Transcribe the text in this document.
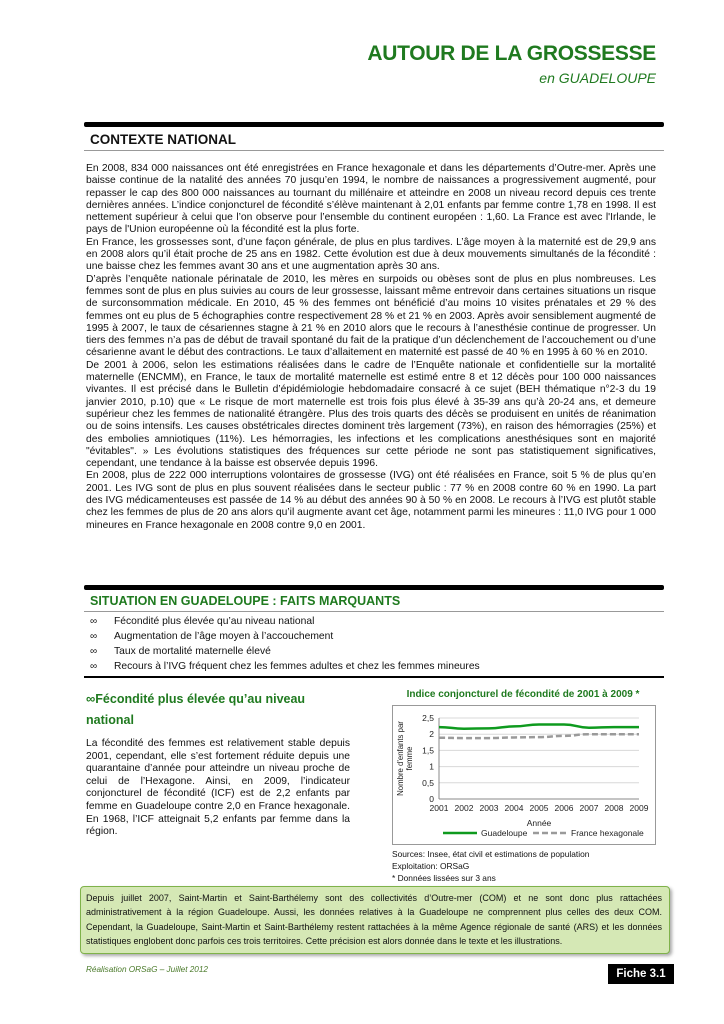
AUTOUR DE LA GROSSESSE
en GUADELOUPE
CONTEXTE NATIONAL

En 2008, 834 000 naissances ont été enregistrées en France hexagonale et dans les départements d’Outre-mer. Après une baisse continue de la natalité des années 70 jusqu’en 1994, le nombre de naissances a progressivement augmenté, pour repasser le cap des 800 000 naissances au tournant du millénaire et atteindre en 2008 un niveau record depuis ces trente dernières années. L’indice conjoncturel de fécondité s’élève maintenant à 2,01 enfants par femme contre 1,78 en 1998. Il est nettement supérieur à celui que l’on observe pour l’ensemble du continent européen : 1,60. La France est avec l'Irlande, le pays de l'Union européenne où la fécondité est la plus forte.

En France, les grossesses sont, d’une façon générale, de plus en plus tardives. L’âge moyen à la maternité est de 29,9 ans en 2008 alors qu’il était proche de 25 ans en 1982. Cette évolution est due à deux mouvements simultanés de la fécondité : une baisse chez les femmes avant 30 ans et une augmentation après 30 ans.

D’après l’enquête nationale périnatale de 2010, les mères en surpoids ou obèses sont de plus en plus nombreuses. Les femmes sont de plus en plus suivies au cours de leur grossesse, laissant même entrevoir dans certaines situations un risque de surconsommation médicale. En 2010, 45 % des femmes ont bénéficié d’au moins 10 visites prénatales et 29 % des femmes ont eu plus de 5 échographies contre respectivement 28 % et 21 % en 2003. Après avoir sensiblement augmenté de 1995 à 2007, le taux de césariennes stagne à 21 % en 2010 alors que le recours à l’anesthésie continue de progresser. Un tiers des femmes n’a pas de début de travail spontané du fait de la pratique d’un déclenchement de l’accouchement ou d’une césarienne avant le début des contractions. Le taux d’allaitement en maternité est passé de 40 % en 1995 à 60 % en 2010.

De 2001 à 2006, selon les estimations réalisées dans le cadre de l’Enquête nationale et confidentielle sur la mortalité maternelle (ENCMM), en France, le taux de mortalité maternelle est estimé entre 8 et 12 décès pour 100 000 naissances vivantes. Il est précisé dans le Bulletin d’épidémiologie hebdomadaire consacré à ce sujet (BEH thématique n°2-3 du 19 janvier 2010, p.10) que « Le risque de mort maternelle est trois fois plus élevé à 35-39 ans qu’à 20-24 ans, et demeure supérieur chez les femmes de nationalité étrangère. Plus des trois quarts des décès se produisent en unités de réanimation ou de soins intensifs. Les causes obstétricales directes dominent très largement (73%), en raison des hémorragies (25%) et des embolies amniotiques (11%). Les hémorragies, les infections et les complications anesthésiques sont en majorité "évitables". » Les évolutions statistiques des fréquences sur cette période ne sont pas statistiquement significatives, cependant, une tendance à la baisse est observée depuis 1996.

En 2008, plus de 222 000 interruptions volontaires de grossesse (IVG) ont été réalisées en France, soit 5 % de plus qu’en 2001. Les IVG sont de plus en plus souvent réalisées dans le secteur public : 77 % en 2008 contre 60 % en 1990. La part des IVG médicamenteuses est passée de 14 % au début des années 90 à 50 % en 2008. Le recours à l’IVG est plutôt stable chez les femmes de plus de 20 ans alors qu’il augmente avant cet âge, notamment parmi les mineures : 11,0 IVG pour 1 000 mineures en France hexagonale en 2008 contre 9,0 en 2001.

SITUATION EN GUADELOUPE : FAITS MARQUANTS
∞	Fécondité plus élevée qu’au niveau national
∞	Augmentation de l’âge moyen à l’accouchement
∞	Taux de mortalité maternelle élevé
∞	Recours à l’IVG fréquent chez les femmes adultes et chez les femmes mineures
∞Fécondité plus élevée qu’au niveau national
La fécondité des femmes est relativement stable depuis 2001, cependant, elle s’est fortement réduite depuis une quarantaine d’année pour atteindre un niveau proche de celui de l’Hexagone. Ainsi, en 2009, l’indicateur conjoncturel de fécondité (ICF) est de 2,2 enfants par femme en Guadeloupe contre 2,0 en France hexagonale. En 1968, l’ICF atteignait 5,2 enfants par femme dans la région.
Indice conjoncturel de fécondité de 2001 à 2009 *
0
0,5
1
1,5
2
2,5
2001 2002 2003 2004 2005 2006 2007 2008 2009
Année
Nombre d'enfants parfemme
Guadeloupe	France hexagonale
Sources: Insee, état civil et estimations de population
Exploitation: ORSaG
* Données lissées sur 3 ans
Depuis juillet 2007, Saint-Martin et Saint-Barthélemy sont des collectivités d’Outre-mer (COM) et ne sont donc plus rattachées administrativement à la région Guadeloupe. Aussi, les données relatives à la Guadeloupe ne comprennent plus celles des deux COM. Cependant, la Guadeloupe, Saint-Martin et Saint-Barthélemy restent rattachées à la même Agence régionale de santé (ARS) et les données statistiques englobent donc parfois ces trois territoires. Cette précision est alors donnée dans le texte et les illustrations.
Réalisation ORSaG – Juillet 2012	Fiche 3.1
